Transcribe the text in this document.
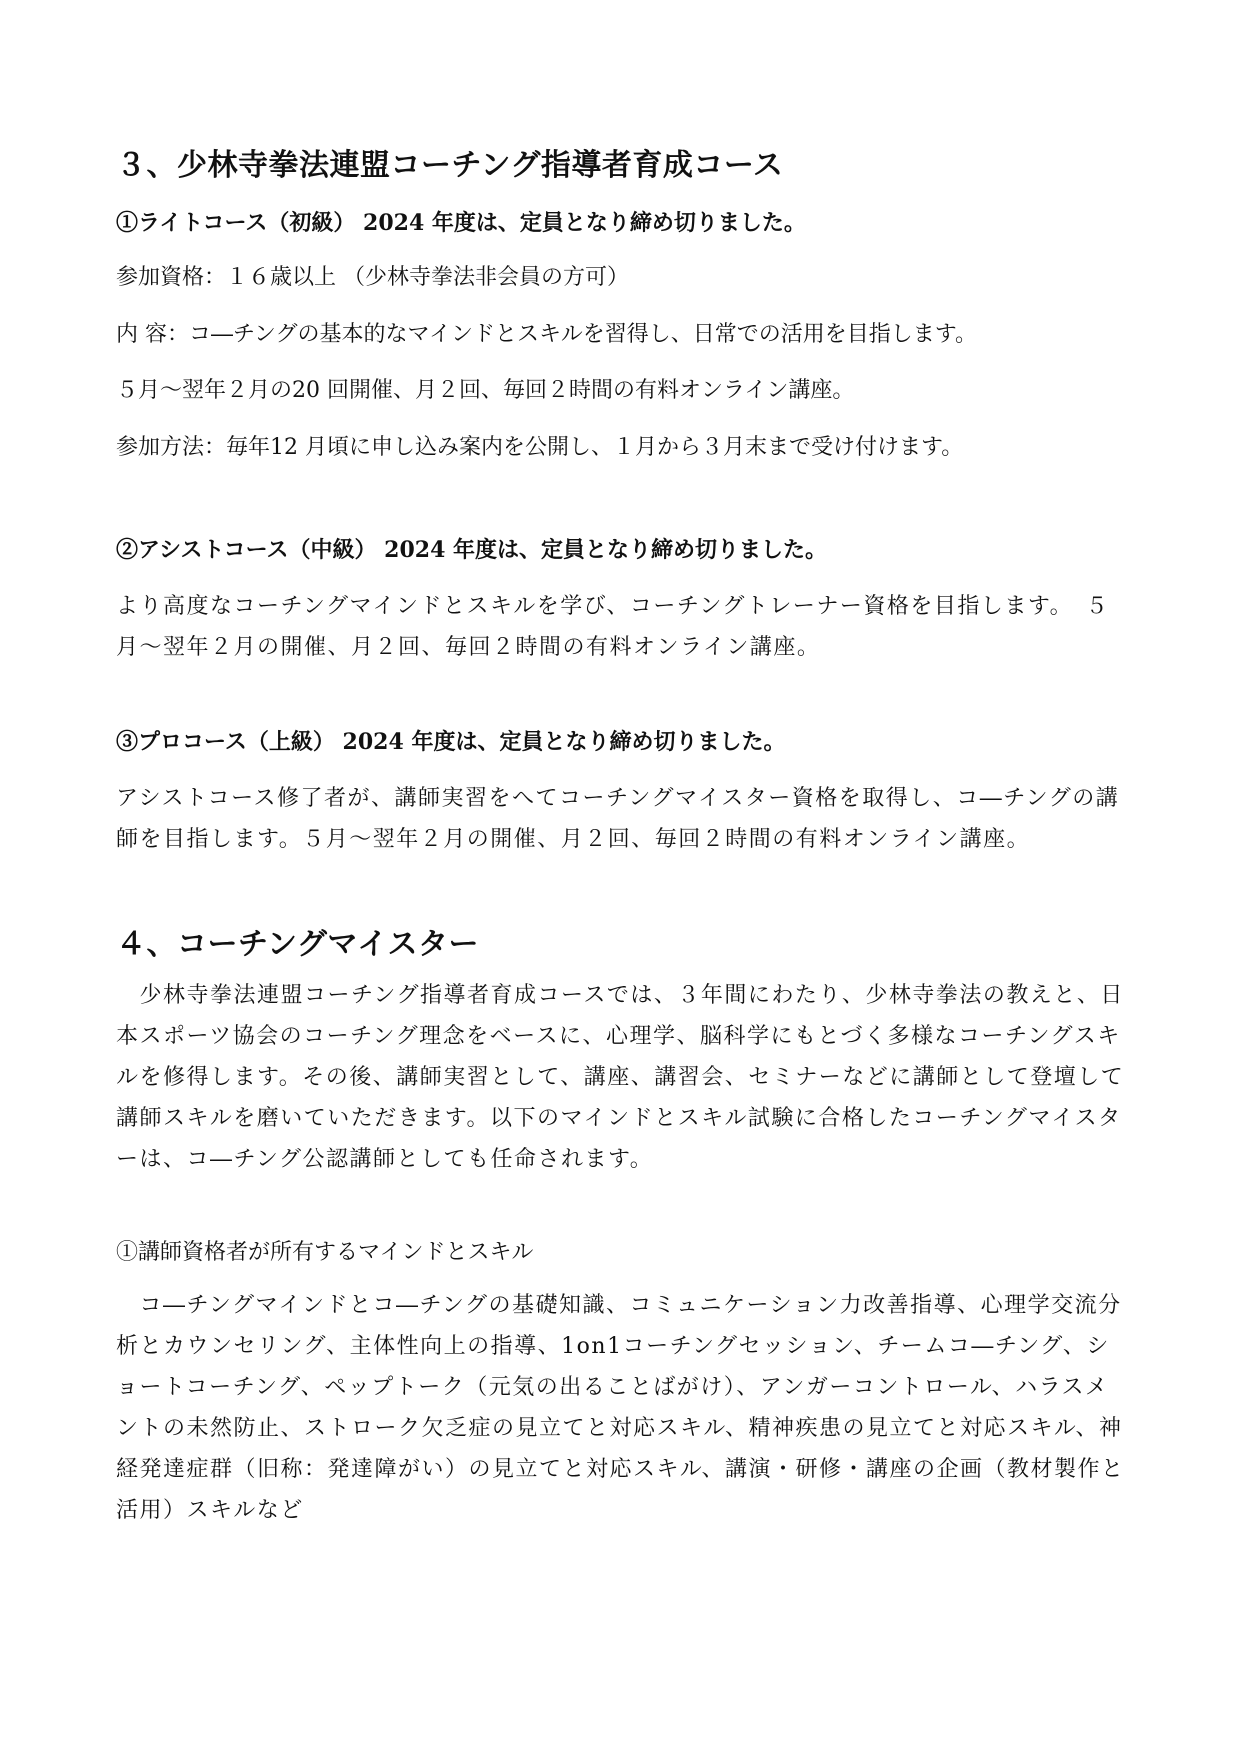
３、少林寺拳法連盟コーチング指導者育成コース
①ライトコース（初級） 2024 年度は、定員となり締め切りました。
参加資格：１６歳以上 （少林寺拳法非会員の方可）
内 容：コ―チングの基本的なマインドとスキルを習得し、日常での活用を目指します。
５月～翌年２月の20 回開催、月２回、毎回２時間の有料オンライン講座。
参加方法：毎年12 月頃に申し込み案内を公開し、１月から３月末まで受け付けます。
②アシストコース（中級） 2024 年度は、定員となり締め切りました。
より高度なコーチングマインドとスキルを学び、コーチングトレーナー資格を目指します。　５月～翌年２月の開催、月２回、毎回２時間の有料オンライン講座。
③プロコース（上級） 2024 年度は、定員となり締め切りました。
アシストコース修了者が、講師実習をへてコーチングマイスター資格を取得し、コ―チングの講師を目指します。５月～翌年２月の開催、月２回、毎回２時間の有料オンライン講座。
４、コーチングマイスター
　少林寺拳法連盟コーチング指導者育成コースでは、３年間にわたり、少林寺拳法の教えと、日本スポーツ協会のコーチング理念をベースに、心理学、脳科学にもとづく多様なコーチングスキルを修得します。その後、講師実習として、講座、講習会、セミナーなどに講師として登壇して講師スキルを磨いていただきます。以下のマインドとスキル試験に合格したコーチングマイスターは、コ―チング公認講師としても任命されます。
①講師資格者が所有するマインドとスキル
　コ―チングマインドとコ―チングの基礎知識、コミュニケーション力改善指導、心理学交流分析とカウンセリング、主体性向上の指導、1on1コーチングセッション、チームコ―チング、ショートコーチング、ペップトーク（元気の出ることばがけ）、アンガーコントロール、ハラスメントの未然防止、ストローク欠乏症の見立てと対応スキル、精神疾患の見立てと対応スキル、神経発達症群（旧称：発達障がい）の見立てと対応スキル、講演・研修・講座の企画（教材製作と活用）スキルなど
